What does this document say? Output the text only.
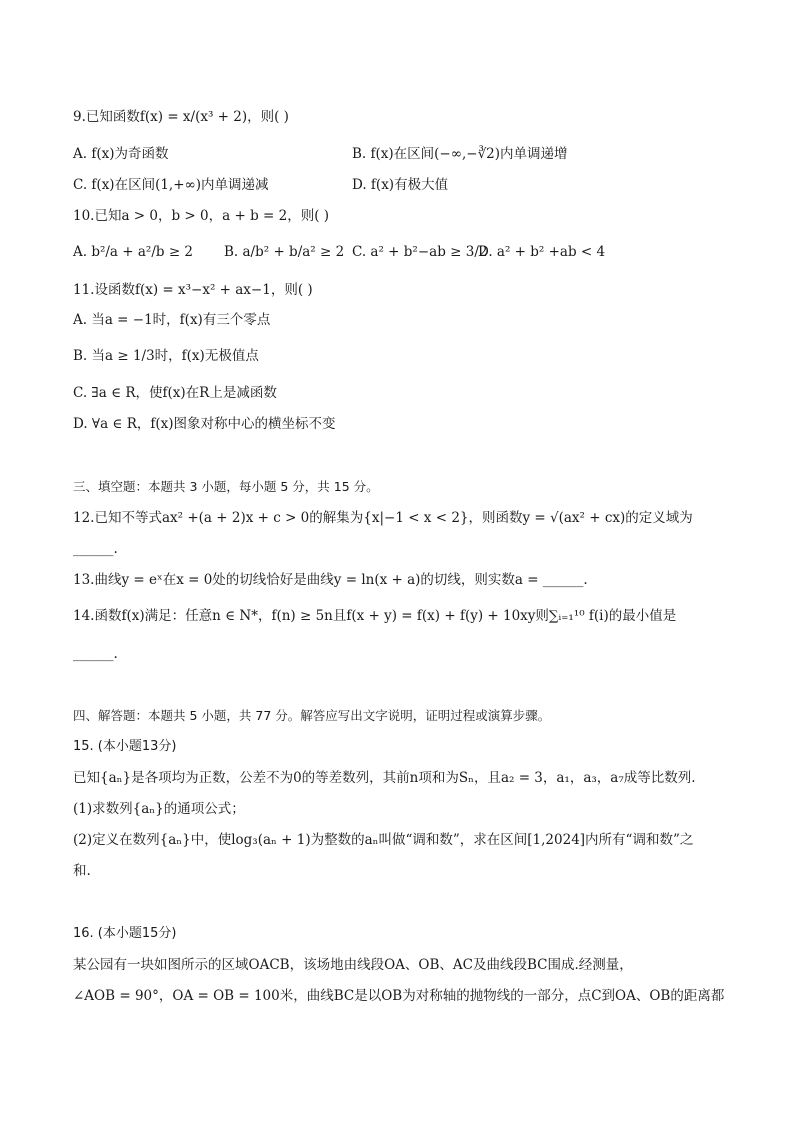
9.已知函数f(x) = x/(x³ + 2)，则( )
A. f(x)为奇函数	B. f(x)在区间(−∞,−∛2)内单调递增
C. f(x)在区间(1,+∞)内单调递减	D. f(x)有极大值
10.已知a > 0，b > 0，a + b = 2，则( )
A. b²/a + a²/b ≥ 2 B. a/b² + b/a² ≥ 2 C. a² + b²−ab ≥ 3/2
D. a² + b² +ab < 4
11.设函数f(x) = x³−x² + ax−1，则( )
A. 当a = −1时，f(x)有三个零点
B. 当a ≥ 1/3时，f(x)无极值点
C. ∃a ∈ R，使f(x)在R上是减函数
D. ∀a ∈ R，f(x)图象对称中心的横坐标不变
三、填空题：本题共 3 小题，每小题 5 分，共 15 分。
12.已知不等式ax² +(a + 2)x + c > 0的解集为{x|−1 < x < 2}，则函数y = √(ax² + cx)的定义域为
______.
13.曲线y = eˣ在x = 0处的切线恰好是曲线y = ln(x + a)的切线，则实数a = ______.
14.函数f(x)满足：任意n ∈ N*，f(n) ≥ 5n且f(x + y) = f(x) + f(y) + 10xy则∑ᵢ₌₁¹⁰ f(i)的最小值是
______.
四、解答题：本题共 5 小题，共 77 分。解答应写出文字说明，证明过程或演算步骤。
15. (本小题13分)
已知{aₙ}是各项均为正数，公差不为0的等差数列，其前n项和为Sₙ，且a₂ = 3，a₁，a₃，a₇成等比数列.
(1)求数列{aₙ}的通项公式；
(2)定义在数列{aₙ}中，使log₃(aₙ + 1)为整数的aₙ叫做“调和数”，求在区间[1,2024]内所有“调和数”之
和.
16. (本小题15分)
某公园有一块如图所示的区域OACB，该场地由线段OA、OB、AC及曲线段BC围成.经测量，
∠AOB = 90°，OA = OB = 100米，曲线BC是以OB为对称轴的抛物线的一部分，点C到OA、OB的距离都
